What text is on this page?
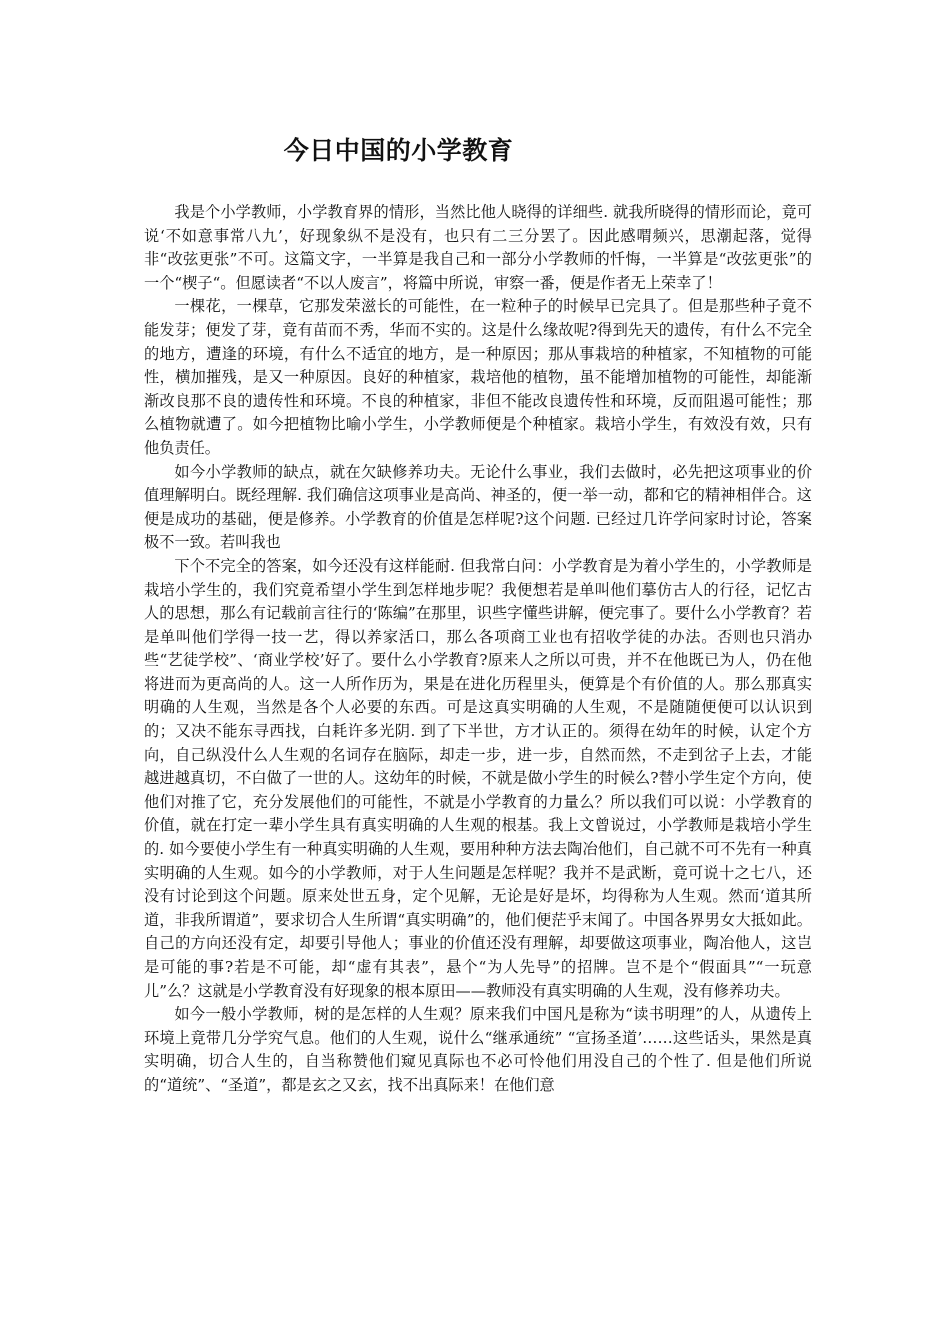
今日中国的小学教育

我是个小学教师，小学教育界的情形，当然比他人晓得的详细些. 就我所晓得的情形而论，竟可说‘不如意事常八九’，好现象纵不是没有，也只有二三分罢了。因此感喟频兴，思潮起落，觉得非“改弦更张”不可。这篇文字，一半算是我自己和一部分小学教师的忏悔，一半算是“改弦更张”的一个“楔子“。但愿读者“不以人废言”，将篇中所说，审察一番，便是作者无上荣幸了！

一棵花，一棵草，它那发荣滋长的可能性，在一粒种子的时候早已完具了。但是那些种子竟不能发芽；便发了芽，竟有苗而不秀，华而不实的。这是什么缘故呢?得到先天的遗传，有什么不完全的地方，遭逢的环境，有什么不适宜的地方，是一种原因；那从事栽培的种植家，不知植物的可能性，横加摧残，是又一种原因。良好的种植家，栽培他的植物，虽不能增加植物的可能性，却能渐渐改良那不良的遗传性和环境。不良的种植家，非但不能改良遗传性和环境，反而阻遏可能性；那么植物就遭了。如今把植物比喻小学生，小学教师便是个种植家。栽培小学生，有效没有效，只有他负责任。

如今小学教师的缺点，就在欠缺修养功夫。无论什么事业，我们去做时，必先把这项事业的价值理解明白。既经理解. 我们确信这项事业是高尚、神圣的，便一举一动，都和它的精神相伴合。这便是成功的基础，便是修养。小学教育的价值是怎样呢?这个问题. 已经过几许学问家时讨论，答案极不一致。若叫我也

下个不完全的答案，如今还没有这样能耐. 但我常白问：小学教育是为着小学生的，小学教师是栽培小学生的，我们究竟希望小学生到怎样地步呢？我便想若是单叫他们摹仿古人的行径，记忆古人的思想，那么有记载前言往行的‘陈编”在那里，识些字懂些讲解，便完事了。要什么小学教育？若是单叫他们学得一技一艺，得以养家活口，那么各项商工业也有招收学徒的办法。否则也只消办些“艺徒学校”、‘商业学校’好了。要什么小学教育?原来人之所以可贵，并不在他既已为人，仍在他将进而为更高尚的人。这一人所作历为，果是在进化历程里头，便算是个有价值的人。那么那真实明确的人生观，当然是各个人必要的东西。可是这真实明确的人生观，不是随随便便可以认识到的；又决不能东寻西找，白耗许多光阴. 到了下半世，方才认正的。须得在幼年的时候，认定个方向，自己纵没什么人生观的名词存在脑际，却走一步，进一步，自然而然，不走到岔子上去，才能越进越真切，不白做了一世的人。这幼年的时候，不就是做小学生的时候么?替小学生定个方向，使他们对推了它，充分发展他们的可能性，不就是小学教育的力量么？所以我们可以说：小学教育的价值，就在打定一辈小学生具有真实明确的人生观的根基。我上文曾说过，小学教师是栽培小学生的. 如今要使小学生有一种真实明确的人生观，要用种种方法去陶冶他们，自己就不可不先有一种真实明确的人生观。如今的小学教师，对于人生问题是怎样呢？我并不是武断，竟可说十之七八，还没有讨论到这个问题。原来处世五身，定个见解，无论是好是坏，均得称为人生观。然而‘道其所道，非我所谓道”，要求切合人生所谓“真实明确”的，他们便茫乎末闻了。中国各界男女大抵如此。自己的方向还没有定，却要引导他人；事业的价值还没有理解，却要做这项事业，陶冶他人，这岂是可能的事?若是不可能，却“虚有其表”，悬个“为人先导”的招牌。岂不是个“假面具”“一玩意儿”么？这就是小学教育没有好现象的根本原田——教师没有真实明确的人生观，没有修养功夫。

如今一般小学教师，树的是怎样的人生观？原来我们中国凡是称为“读书明理”的人，从遗传上环境上竟带几分学究气息。他们的人生观，说什么“继承通统” “宣扬圣道’……这些话头，果然是真实明确，切合人生的，自当称赞他们窥见真际也不必可怜他们用没自己的个性了. 但是他们所说的“道统”、“圣道”，都是玄之又玄，找不出真际来！在他们意
